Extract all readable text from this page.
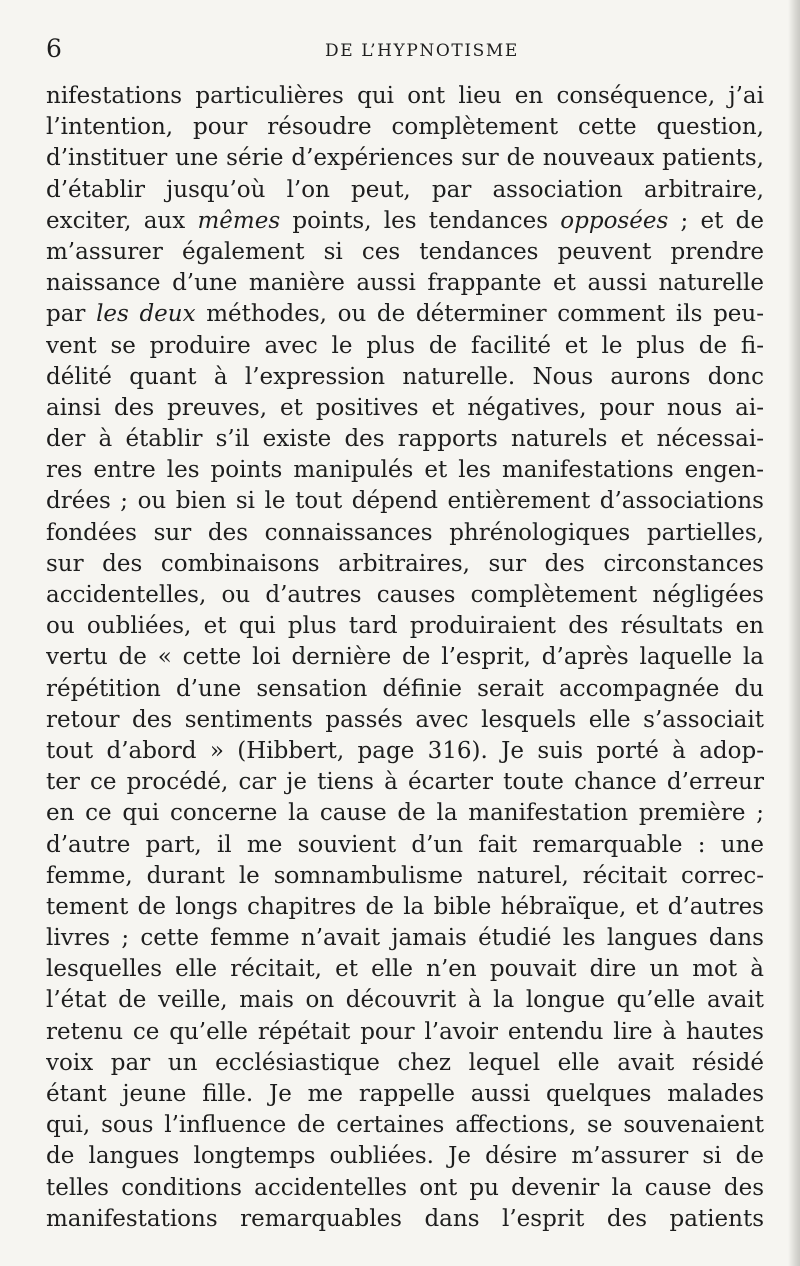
6	DE L’HYPNOTISME
nifestations particulières qui ont lieu en conséquence, j’ai
l’intention, pour résoudre complètement cette question,
d’instituer une série d’expériences sur de nouveaux patients,
d’établir jusqu’où l’on peut, par association arbitraire,
exciter, aux mêmes points, les tendances opposées ; et de
m’assurer également si ces tendances peuvent prendre
naissance d’une manière aussi frappante et aussi naturelle
par les deux méthodes, ou de déterminer comment ils peu-
vent se produire avec le plus de facilité et le plus de fi-
délité quant à l’expression naturelle. Nous aurons donc
ainsi des preuves, et positives et négatives, pour nous ai-
der à établir s’il existe des rapports naturels et nécessai-
res entre les points manipulés et les manifestations engen-
drées ; ou bien si le tout dépend entièrement d’associations
fondées sur des connaissances phrénologiques partielles,
sur des combinaisons arbitraires, sur des circonstances
accidentelles, ou d’autres causes complètement négligées
ou oubliées, et qui plus tard produiraient des résultats en
vertu de « cette loi dernière de l’esprit, d’après laquelle la
répétition d’une sensation définie serait accompagnée du
retour des sentiments passés avec lesquels elle s’associait
tout d’abord » (Hibbert, page 316). Je suis porté à adop-
ter ce procédé, car je tiens à écarter toute chance d’erreur
en ce qui concerne la cause de la manifestation première ;
d’autre part, il me souvient d’un fait remarquable : une
femme, durant le somnambulisme naturel, récitait correc-
tement de longs chapitres de la bible hébraïque, et d’autres
livres ; cette femme n’avait jamais étudié les langues dans
lesquelles elle récitait, et elle n’en pouvait dire un mot à
l’état de veille, mais on découvrit à la longue qu’elle avait
retenu ce qu’elle répétait pour l’avoir entendu lire à hautes
voix par un ecclésiastique chez lequel elle avait résidé
étant jeune fille. Je me rappelle aussi quelques malades
qui, sous l’influence de certaines affections, se souvenaient
de langues longtemps oubliées. Je désire m’assurer si de
telles conditions accidentelles ont pu devenir la cause des
manifestations remarquables dans l’esprit des patients
